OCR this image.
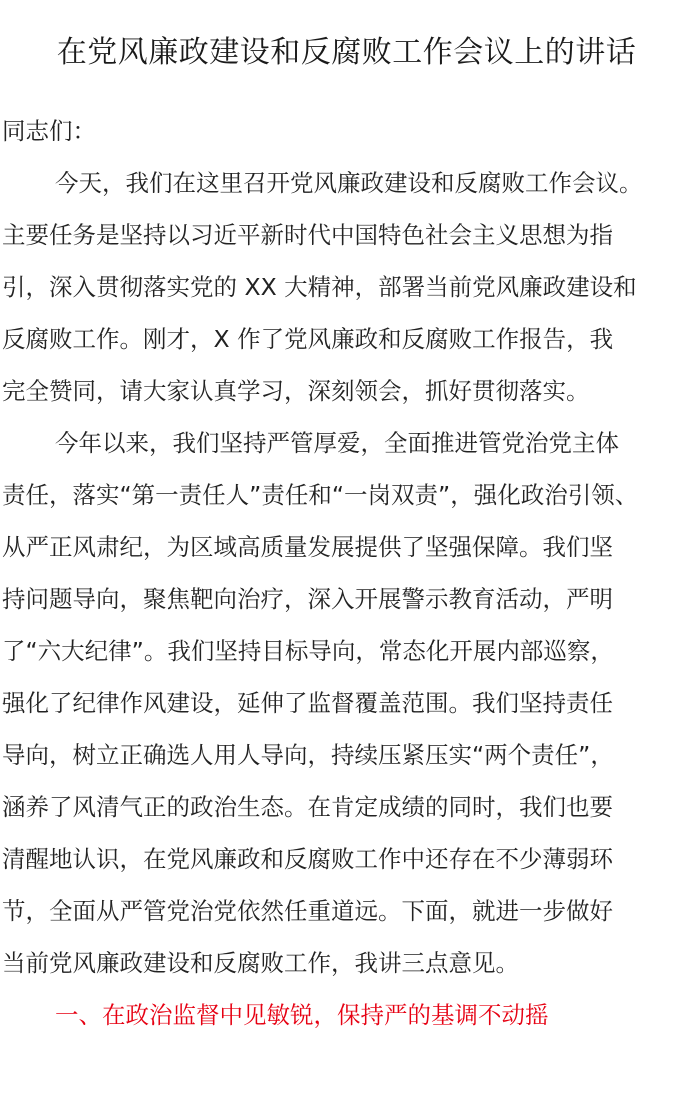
在党风廉政建设和反腐败工作会议上的讲话
同志们：
今天，我们在这里召开党风廉政建设和反腐败工作会议。
主要任务是坚持以习近平新时代中国特色社会主义思想为指
引，深入贯彻落实党的 XX 大精神，部署当前党风廉政建设和
反腐败工作。刚才，X 作了党风廉政和反腐败工作报告，我
完全赞同，请大家认真学习，深刻领会，抓好贯彻落实。
今年以来，我们坚持严管厚爱，全面推进管党治党主体
责任，落实“第一责任人”责任和“一岗双责”，强化政治引领、
从严正风肃纪，为区域高质量发展提供了坚强保障。我们坚
持问题导向，聚焦靶向治疗，深入开展警示教育活动，严明
了“六大纪律”。我们坚持目标导向，常态化开展内部巡察，
强化了纪律作风建设，延伸了监督覆盖范围。我们坚持责任
导向，树立正确选人用人导向，持续压紧压实“两个责任”，
涵养了风清气正的政治生态。在肯定成绩的同时，我们也要
清醒地认识，在党风廉政和反腐败工作中还存在不少薄弱环
节，全面从严管党治党依然任重道远。下面，就进一步做好
当前党风廉政建设和反腐败工作，我讲三点意见。
一、在政治监督中见敏锐，保持严的基调不动摇
